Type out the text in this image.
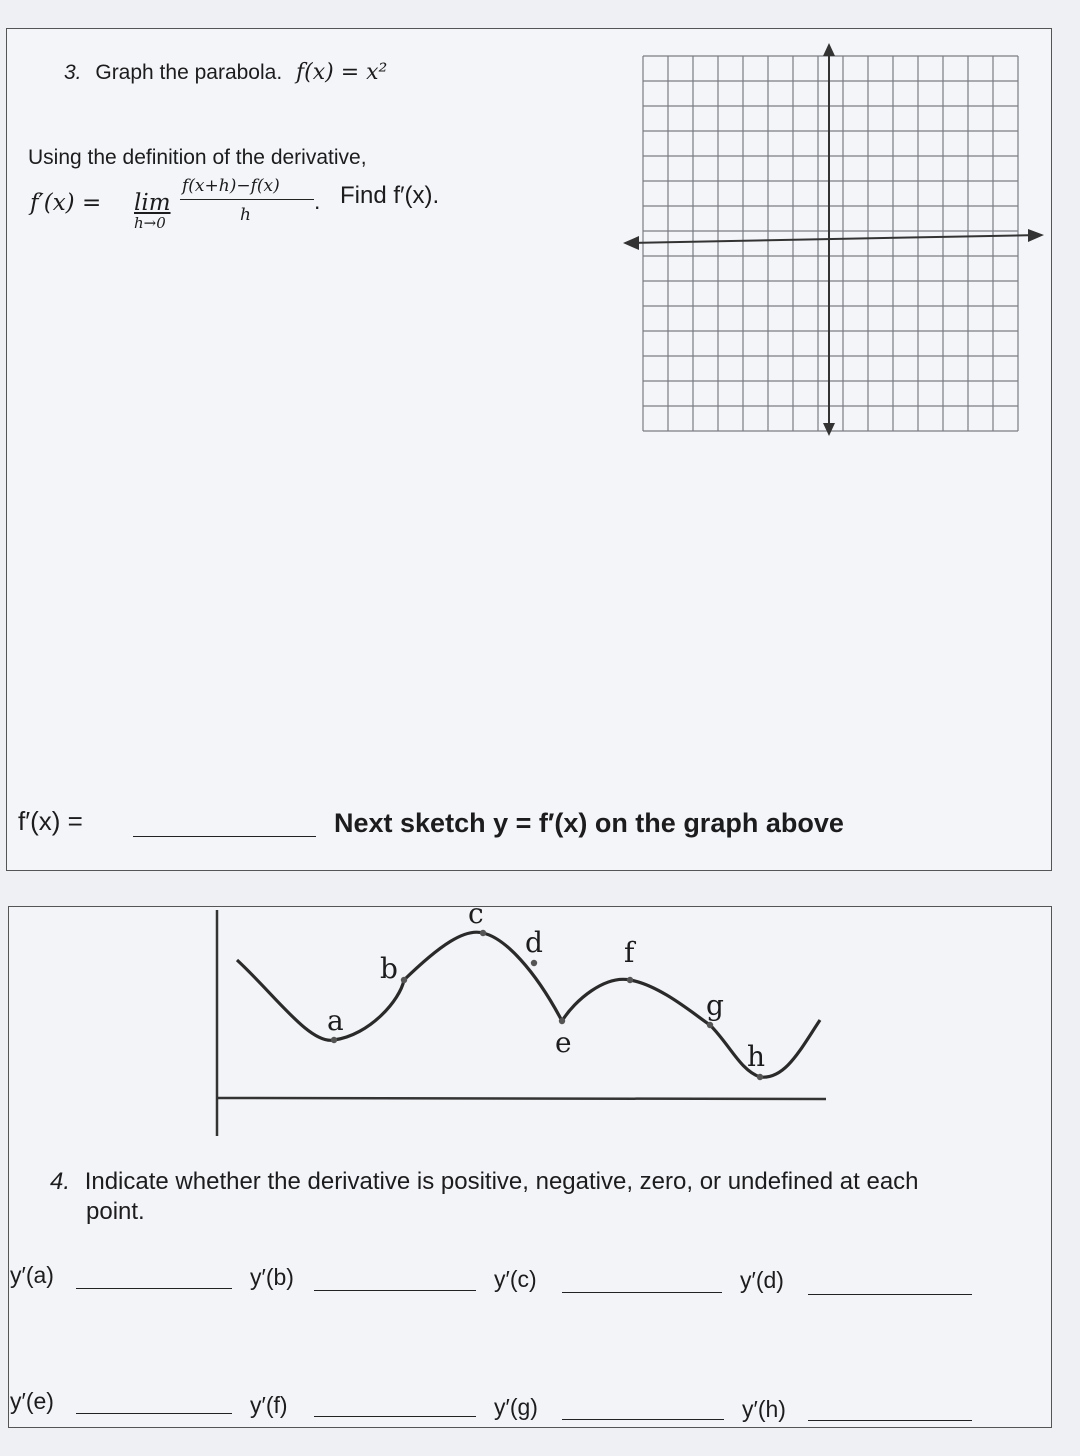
3. Graph the parabola. f(x) = x²
Using the definition of the derivative,
f′(x) = lim
h→0
f(x+h)−f(x)
h
. Find f′(x).
f′(x) =	Next sketch y = f′(x) on the graph above
a
b
c
d
e
f
g
h
4. Indicate whether the derivative is positive, negative, zero, or undefined at each
point.
y′(a)	y′(b)	y′(c)	y′(d)
y′(e)	y′(f)	y′(g)	y′(h)
